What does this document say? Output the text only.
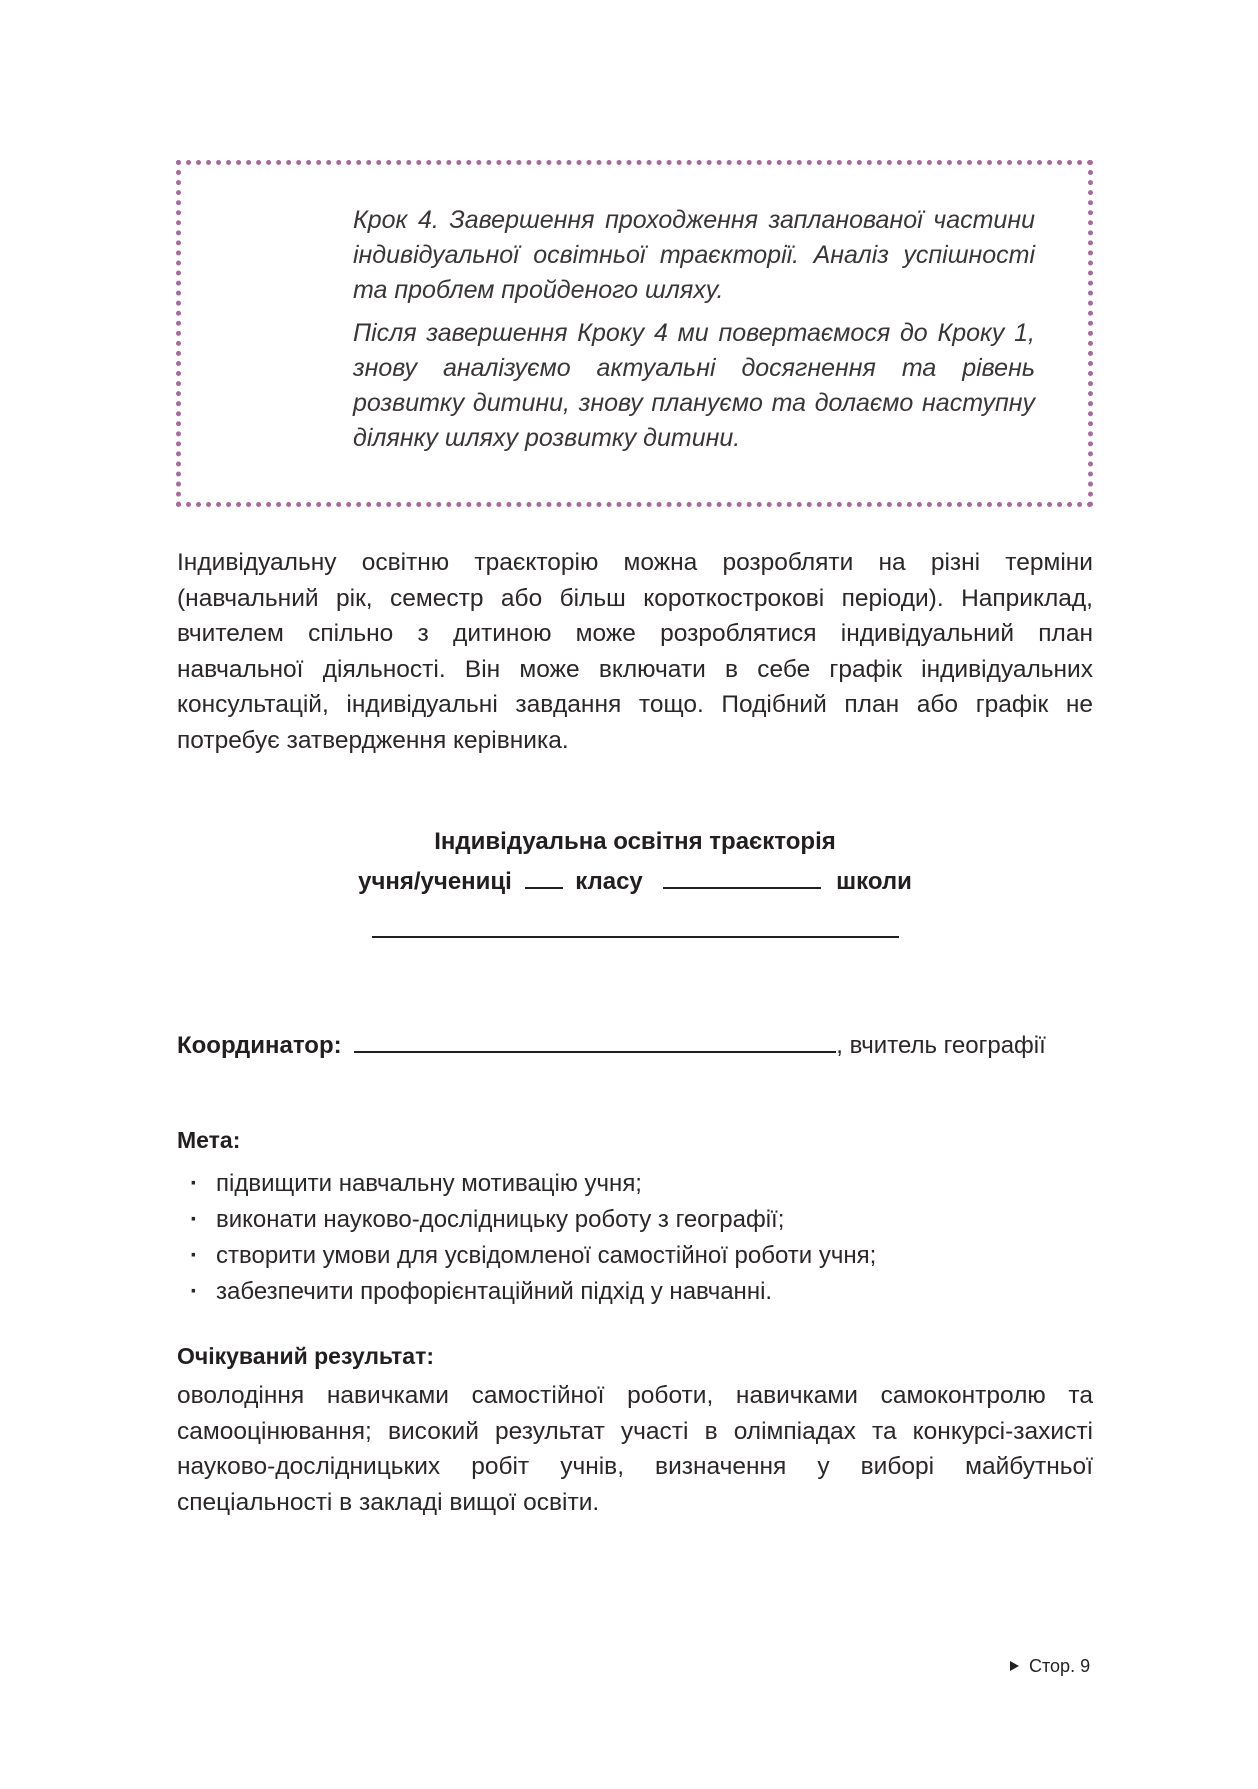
Крок 4. Завершення проходження запланованої частини індивідуальної освітньої траєкторії. Аналіз успішності та проблем пройденого шляху.

Після завершення Кроку 4 ми повертаємося до Кроку 1, знову аналізуємо актуальні досягнення та рівень розвитку дитини, знову плануємо та долаємо наступну ділянку шляху розвитку дитини.

Індивідуальну освітню траєкторію можна розробляти на різні терміни (навчальний рік, семестр або більш короткострокові періоди). Наприклад, вчителем спільно з дитиною може розроблятися індивідуальний план навчальної діяльності. Він може включати в себе графік індивідуальних консультацій, індивідуальні завдання тощо. Подібний план або графік не потребує затвердження керівника.

Індивідуальна освітня траєкторія
учня/учениці	класу	школи
Координатор:	, вчитель географії
Мета:
· підвищити навчальну мотивацію учня;
· виконати науково-дослідницьку роботу з географії;
· створити умови для усвідомленої самостійної роботи учня;
· забезпечити профорієнтаційний підхід у навчанні.
Очікуваний результат:

оволодіння навичками самостійної роботи, навичками самоконтролю та самооцінювання; високий результат участі в олімпіадах та конкурсі-захисті науково-дослідницьких робіт учнів, визначення у виборі майбутньої спеціальності в закладі вищої освіти.

Стор. 9
